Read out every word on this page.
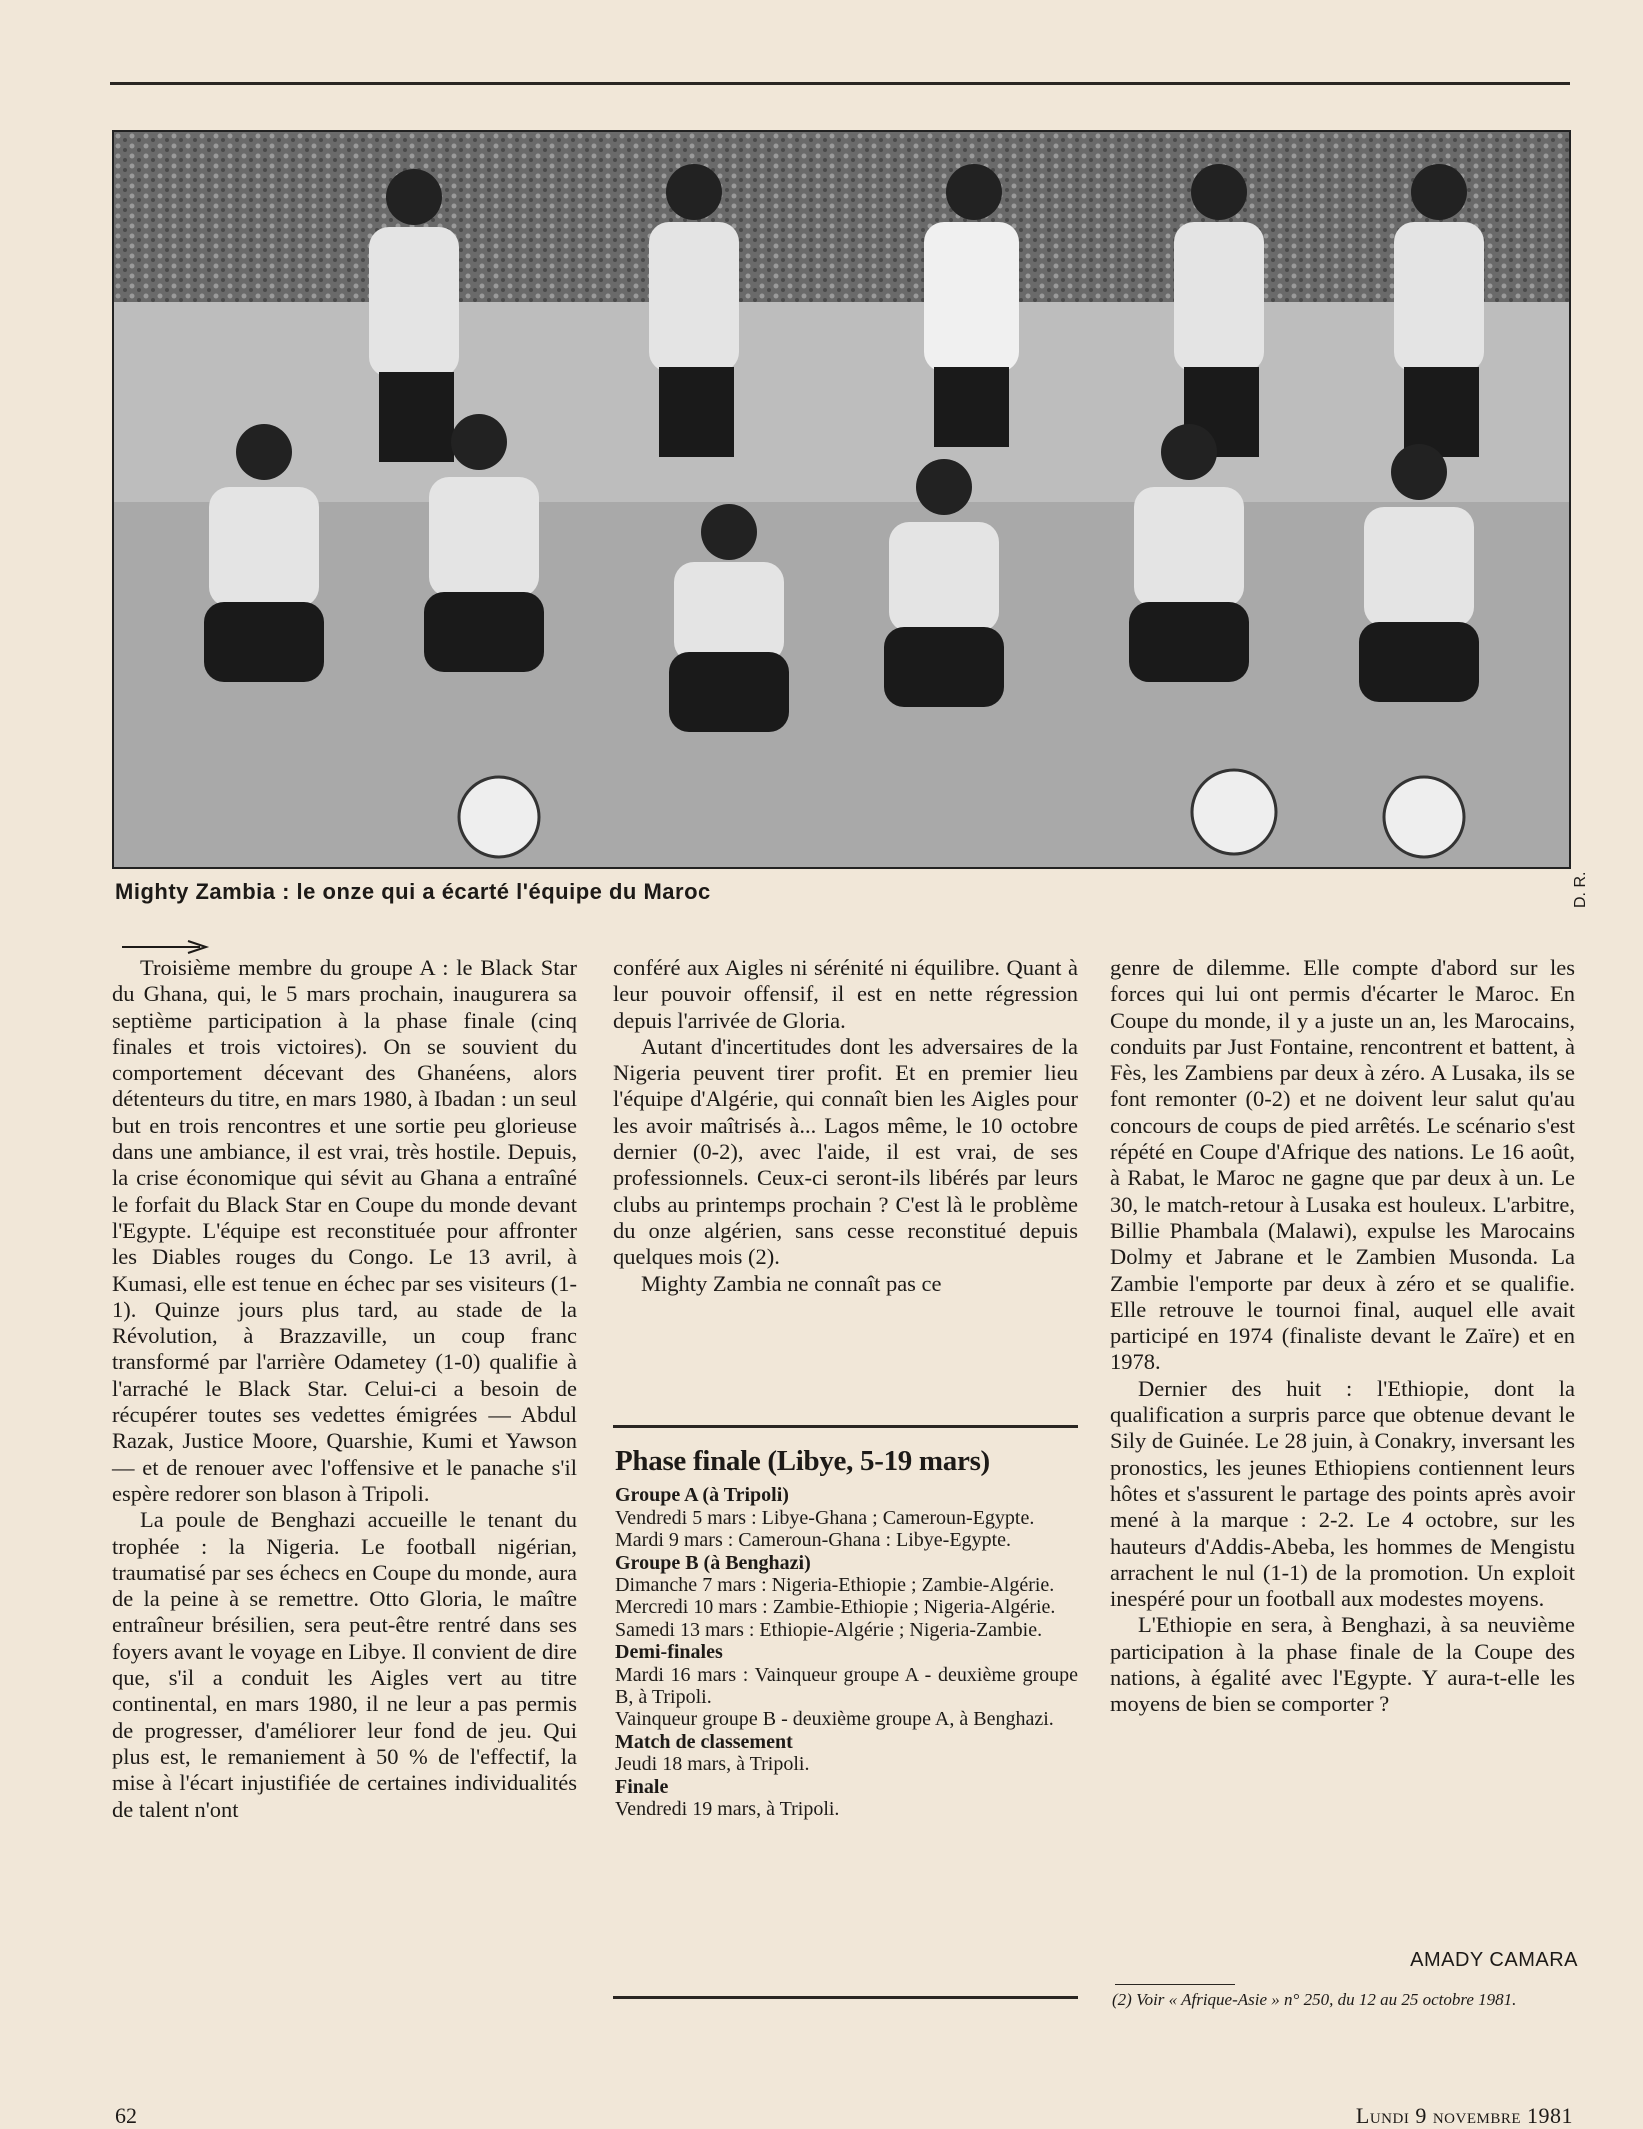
D. R.
Mighty Zambia : le onze qui a écarté l'équipe du Maroc

Troisième membre du groupe A : le Black Star du Ghana, qui, le 5 mars prochain, inaugurera sa septième participation à la phase finale (cinq finales et trois victoires). On se souvient du comportement décevant des Ghanéens, alors détenteurs du titre, en mars 1980, à Ibadan : un seul but en trois rencontres et une sortie peu glorieuse dans une ambiance, il est vrai, très hostile. Depuis, la crise économique qui sévit au Ghana a entraîné le forfait du Black Star en Coupe du monde devant l'Egypte. L'équipe est reconstituée pour affronter les Diables rouges du Congo. Le 13 avril, à Kumasi, elle est tenue en échec par ses visiteurs (1-1). Quinze jours plus tard, au stade de la Révolution, à Brazzaville, un coup franc transformé par l'arrière Odametey (1-0) qualifie à l'arraché le Black Star. Celui-ci a besoin de récupérer toutes ses vedettes émigrées — Abdul Razak, Justice Moore, Quarshie, Kumi et Yawson — et de renouer avec l'offensive et le panache s'il espère redorer son blason à Tripoli.

La poule de Benghazi accueille le tenant du trophée : la Nigeria. Le football nigérian, traumatisé par ses échecs en Coupe du monde, aura de la peine à se remettre. Otto Gloria, le maître entraîneur brésilien, sera peut-être rentré dans ses foyers avant le voyage en Libye. Il convient de dire que, s'il a conduit les Aigles vert au titre continental, en mars 1980, il ne leur a pas permis de progresser, d'améliorer leur fond de jeu. Qui plus est, le remaniement à 50 % de l'effectif, la mise à l'écart injustifiée de certaines individualités de talent n'ont

conféré aux Aigles ni sérénité ni équilibre. Quant à leur pouvoir offensif, il est en nette régression depuis l'arrivée de Gloria.

Autant d'incertitudes dont les adversaires de la Nigeria peuvent tirer profit. Et en premier lieu l'équipe d'Algérie, qui connaît bien les Aigles pour les avoir maîtrisés à... Lagos même, le 10 octobre dernier (0-2), avec l'aide, il est vrai, de ses professionnels. Ceux-ci seront-ils libérés par leurs clubs au printemps prochain ? C'est là le problème du onze algérien, sans cesse reconstitué depuis quelques mois (2).

Mighty Zambia ne connaît pas ce

Phase finale (Libye, 5-19 mars)
Groupe A (à Tripoli)
Vendredi 5 mars : Libye-Ghana ; Cameroun-Egypte.
Mardi 9 mars : Cameroun-Ghana : Libye-Egypte.
Groupe B (à Benghazi)
Dimanche 7 mars : Nigeria-Ethiopie ; Zambie-Algérie.
Mercredi 10 mars : Zambie-Ethiopie ; Nigeria-Algérie.
Samedi 13 mars : Ethiopie-Algérie ; Nigeria-Zambie.
Demi-finales
Mardi 16 mars : Vainqueur groupe A - deuxième groupe B, à Tripoli.
Vainqueur groupe B - deuxième groupe A, à Benghazi.
Match de classement
Jeudi 18 mars, à Tripoli.
Finale
Vendredi 19 mars, à Tripoli.

genre de dilemme. Elle compte d'abord sur les forces qui lui ont permis d'écarter le Maroc. En Coupe du monde, il y a juste un an, les Marocains, conduits par Just Fontaine, rencontrent et battent, à Fès, les Zambiens par deux à zéro. A Lusaka, ils se font remonter (0-2) et ne doivent leur salut qu'au concours de coups de pied arrêtés. Le scénario s'est répété en Coupe d'Afrique des nations. Le 16 août, à Rabat, le Maroc ne gagne que par deux à un. Le 30, le match-retour à Lusaka est houleux. L'arbitre, Billie Phambala (Malawi), expulse les Marocains Dolmy et Jabrane et le Zambien Musonda. La Zambie l'emporte par deux à zéro et se qualifie. Elle retrouve le tournoi final, auquel elle avait participé en 1974 (finaliste devant le Zaïre) et en 1978.

Dernier des huit : l'Ethiopie, dont la qualification a surpris parce que obtenue devant le Sily de Guinée. Le 28 juin, à Conakry, inversant les pronostics, les jeunes Ethiopiens contiennent leurs hôtes et s'assurent le partage des points après avoir mené à la marque : 2-2. Le 4 octobre, sur les hauteurs d'Addis-Abeba, les hommes de Mengistu arrachent le nul (1-1) de la promotion. Un exploit inespéré pour un football aux modestes moyens.

L'Ethiopie en sera, à Benghazi, à sa neuvième participation à la phase finale de la Coupe des nations, à égalité avec l'Egypte. Y aura-t-elle les moyens de bien se comporter ?

AMADY CAMARA
(2) Voir « Afrique-Asie » n° 250, du 12 au 25 octobre 1981.
62	Lundi 9 novembre 1981
